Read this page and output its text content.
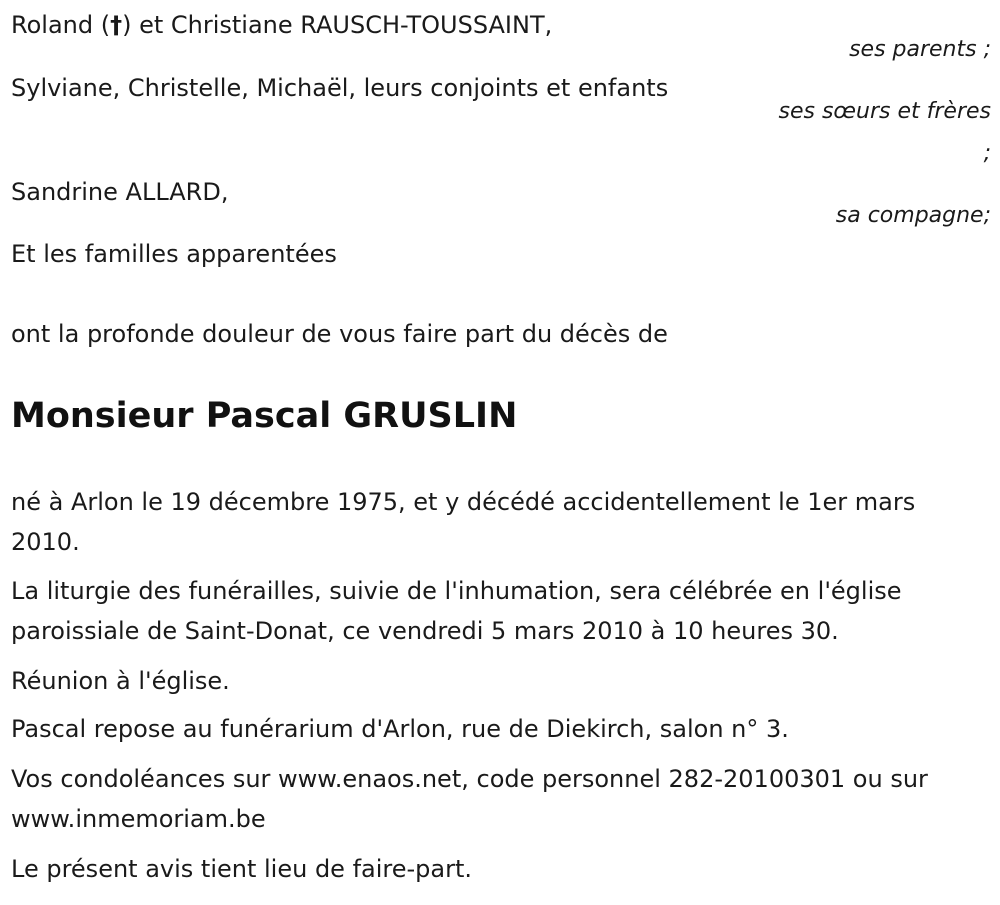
Roland (†) et Christiane RAUSCH-TOUSSAINT,
ses parents ;
Sylviane, Christelle, Michaël, leurs conjoints et enfants
ses sœurs et frères
;
Sandrine ALLARD,
sa compagne;
Et les familles apparentées
ont la profonde douleur de vous faire part du décès de
Monsieur Pascal GRUSLIN
né à Arlon le 19 décembre 1975, et y décédé accidentellement le 1er mars 2010.
La liturgie des funérailles, suivie de l'inhumation, sera célébrée en l'église paroissiale de Saint-Donat, ce vendredi 5 mars 2010 à 10 heures 30.
Réunion à l'église.
Pascal repose au funérarium d'Arlon, rue de Diekirch, salon n° 3.
Vos condoléances sur www.enaos.net, code personnel 282-20100301 ou sur www.inmemoriam.be
Le présent avis tient lieu de faire-part.
